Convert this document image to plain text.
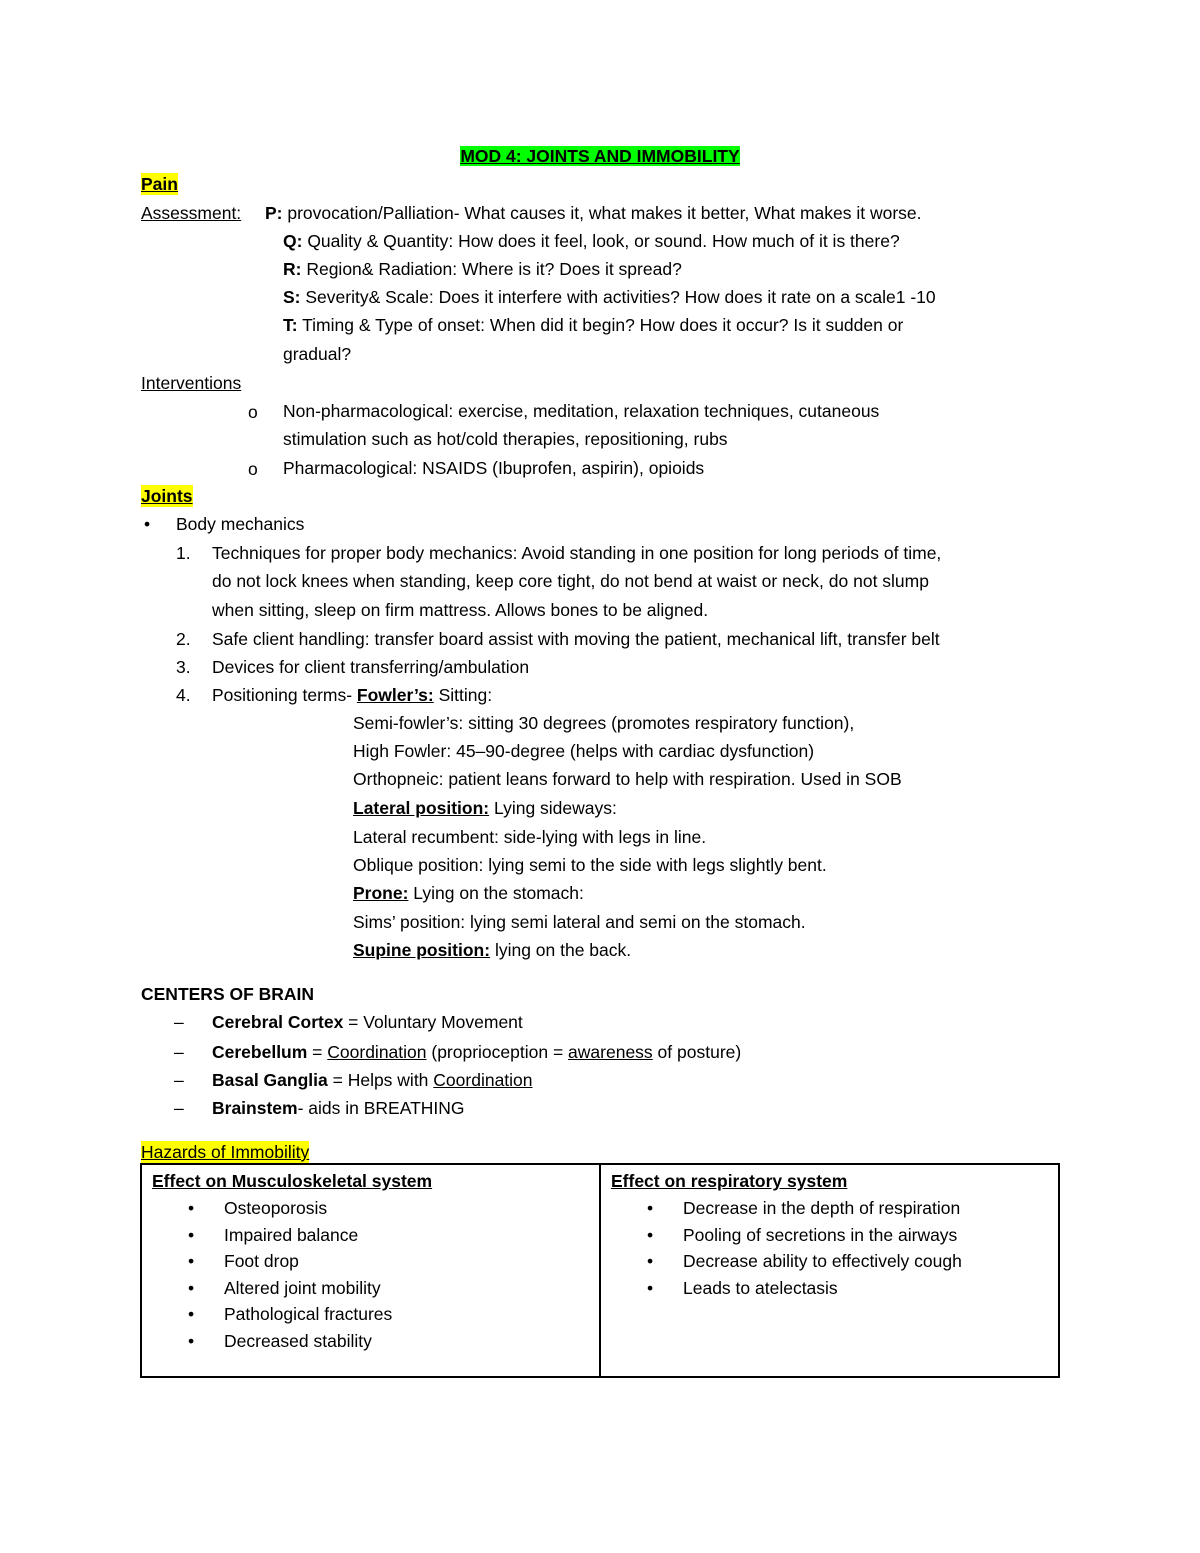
MOD 4: JOINTS AND IMMOBILITY
Pain
Assessment: P: provocation/Palliation- What causes it, what makes it better, What makes it worse.
Q: Quality & Quantity: How does it feel, look, or sound. How much of it is there?
R: Region& Radiation: Where is it? Does it spread?
S: Severity& Scale: Does it interfere with activities? How does it rate on a scale1 -10
T: Timing & Type of onset: When did it begin? How does it occur? Is it sudden or
gradual?
Interventions
o Non-pharmacological: exercise, meditation, relaxation techniques, cutaneous
stimulation such as hot/cold therapies, repositioning, rubs
o Pharmacological: NSAIDS (Ibuprofen, aspirin), opioids
Joints
• Body mechanics
1. Techniques for proper body mechanics: Avoid standing in one position for long periods of time,
do not lock knees when standing, keep core tight, do not bend at waist or neck, do not slump
when sitting, sleep on firm mattress. Allows bones to be aligned.
2. Safe client handling: transfer board assist with moving the patient, mechanical lift, transfer belt
3. Devices for client transferring/ambulation
4. Positioning terms- Fowler’s: Sitting:
Semi-fowler’s: sitting 30 degrees (promotes respiratory function),
High Fowler: 45–90-degree (helps with cardiac dysfunction)
Orthopneic: patient leans forward to help with respiration. Used in SOB
Lateral position: Lying sideways:
Lateral recumbent: side-lying with legs in line.
Oblique position: lying semi to the side with legs slightly bent.
Prone: Lying on the stomach:
Sims’ position: lying semi lateral and semi on the stomach.
Supine position: lying on the back.
CENTERS OF BRAIN
– Cerebral Cortex = Voluntary Movement
– Cerebellum = Coordination (proprioception = awareness of posture)
– Basal Ganglia = Helps with Coordination
– Brainstem- aids in BREATHING
Hazards of Immobility
Effect on Musculoskeletal system
• Osteoporosis
• Impaired balance
• Foot drop
• Altered joint mobility
• Pathological fractures
• Decreased stability

Effect on respiratory system
• Decrease in the depth of respiration
• Pooling of secretions in the airways
• Decrease ability to effectively cough
• Leads to atelectasis
